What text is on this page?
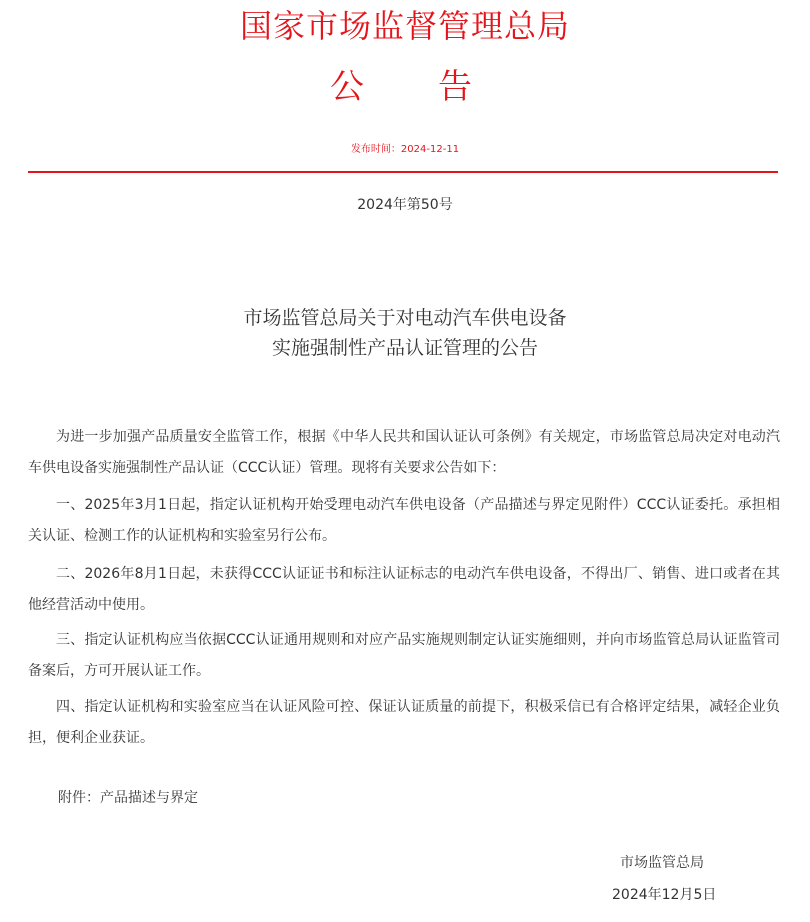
国家市场监督管理总局
公 告
发布时间：2024-12-11
2024年第50号
市场监管总局关于对电动汽车供电设备
实施强制性产品认证管理的公告

为进一步加强产品质量安全监管工作，根据《中华人民共和国认证认可条例》有关规定，市场监管总局决定对电动汽车供电设备实施强制性产品认证（CCC认证）管理。现将有关要求公告如下：

一、2025年3月1日起，指定认证机构开始受理电动汽车供电设备（产品描述与界定见附件）CCC认证委托。承担相关认证、检测工作的认证机构和实验室另行公布。

二、2026年8月1日起，未获得CCC认证证书和标注认证标志的电动汽车供电设备，不得出厂、销售、进口或者在其他经营活动中使用。

三、指定认证机构应当依据CCC认证通用规则和对应产品实施规则制定认证实施细则，并向市场监管总局认证监管司备案后，方可开展认证工作。

四、指定认证机构和实验室应当在认证风险可控、保证认证质量的前提下，积极采信已有合格评定结果，减轻企业负担，便利企业获证。

附件：产品描述与界定
市场监管总局
2024年12月5日
